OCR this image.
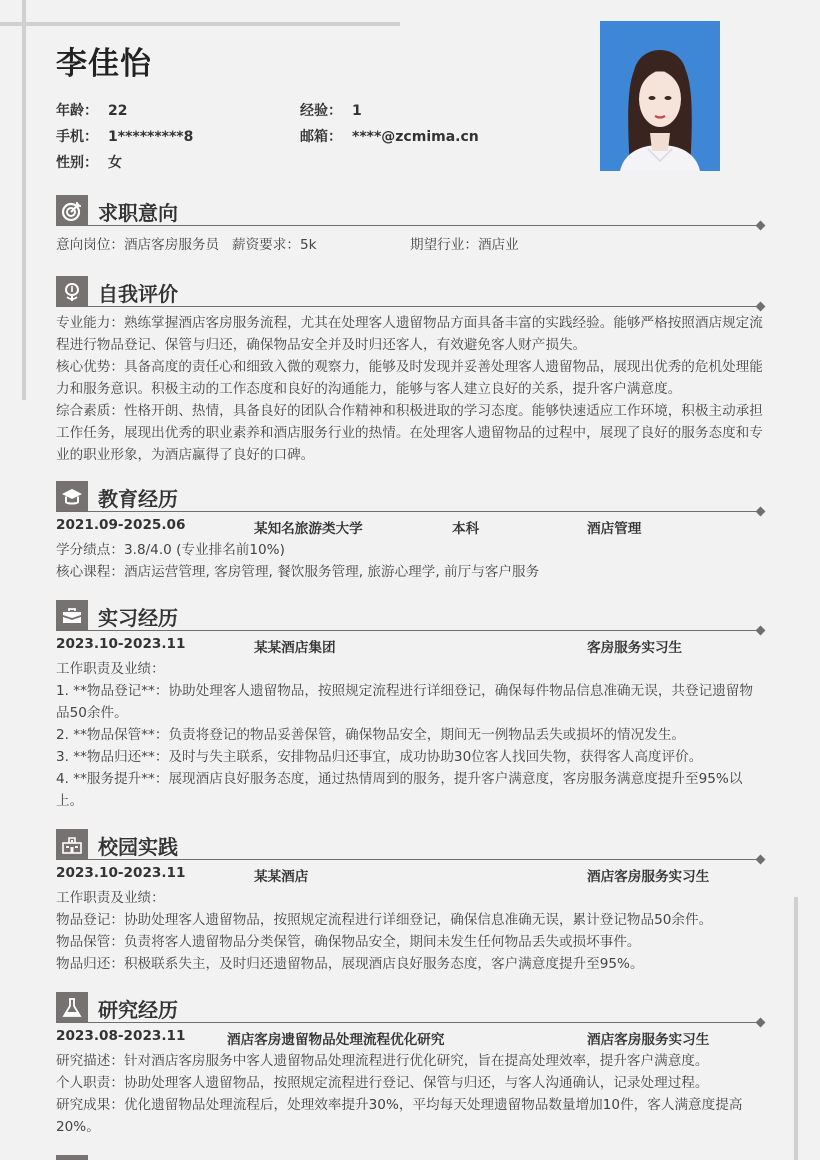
李佳怡
年龄： 22	经验： 1
手机： 1*********8	邮箱： ****@zcmima.cn
性别： 女
求职意向
意向岗位：酒店客房服务员 薪资要求：5k	期望行业：酒店业
自我评价

专业能力：熟练掌握酒店客房服务流程，尤其在处理客人遗留物品方面具备丰富的实践经验。能够严格按照酒店规定流程进行物品登记、保管与归还，确保物品安全并及时归还客人，有效避免客人财产损失。

核心优势：具备高度的责任心和细致入微的观察力，能够及时发现并妥善处理客人遗留物品，展现出优秀的危机处理能力和服务意识。积极主动的工作态度和良好的沟通能力，能够与客人建立良好的关系，提升客户满意度。

综合素质：性格开朗、热情，具备良好的团队合作精神和积极进取的学习态度。能够快速适应工作环境，积极主动承担工作任务，展现出优秀的职业素养和酒店服务行业的热情。在处理客人遗留物品的过程中，展现了良好的服务态度和专业的职业形象，为酒店赢得了良好的口碑。

教育经历
2021.09-2025.06	某知名旅游类大学	本科	酒店管理

学分绩点：3.8/4.0 (专业排名前10%)

核心课程：酒店运营管理, 客房管理, 餐饮服务管理, 旅游心理学, 前厅与客户服务

实习经历
2023.10-2023.11	某某酒店集团	客房服务实习生

工作职责及业绩：

1. **物品登记**：协助处理客人遗留物品，按照规定流程进行详细登记，确保每件物品信息准确无误，共登记遗留物品50余件。

2. **物品保管**：负责将登记的物品妥善保管，确保物品安全，期间无一例物品丢失或损坏的情况发生。

3. **物品归还**：及时与失主联系，安排物品归还事宜，成功协助30位客人找回失物，获得客人高度评价。

4. **服务提升**：展现酒店良好服务态度，通过热情周到的服务，提升客户满意度，客房服务满意度提升至95%以上。

校园实践
2023.10-2023.11	某某酒店	酒店客房服务实习生

工作职责及业绩：

物品登记：协助处理客人遗留物品，按照规定流程进行详细登记，确保信息准确无误，累计登记物品50余件。

物品保管：负责将客人遗留物品分类保管，确保物品安全，期间未发生任何物品丢失或损坏事件。

物品归还：积极联系失主，及时归还遗留物品，展现酒店良好服务态度，客户满意度提升至95%。

研究经历
2023.08-2023.11	酒店客房遗留物品处理流程优化研究	酒店客房服务实习生

研究描述：针对酒店客房服务中客人遗留物品处理流程进行优化研究，旨在提高处理效率，提升客户满意度。

个人职责：协助处理客人遗留物品，按照规定流程进行登记、保管与归还，与客人沟通确认，记录处理过程。

研究成果：优化遗留物品处理流程后，处理效率提升30%，平均每天处理遗留物品数量增加10件，客人满意度提高20%。
